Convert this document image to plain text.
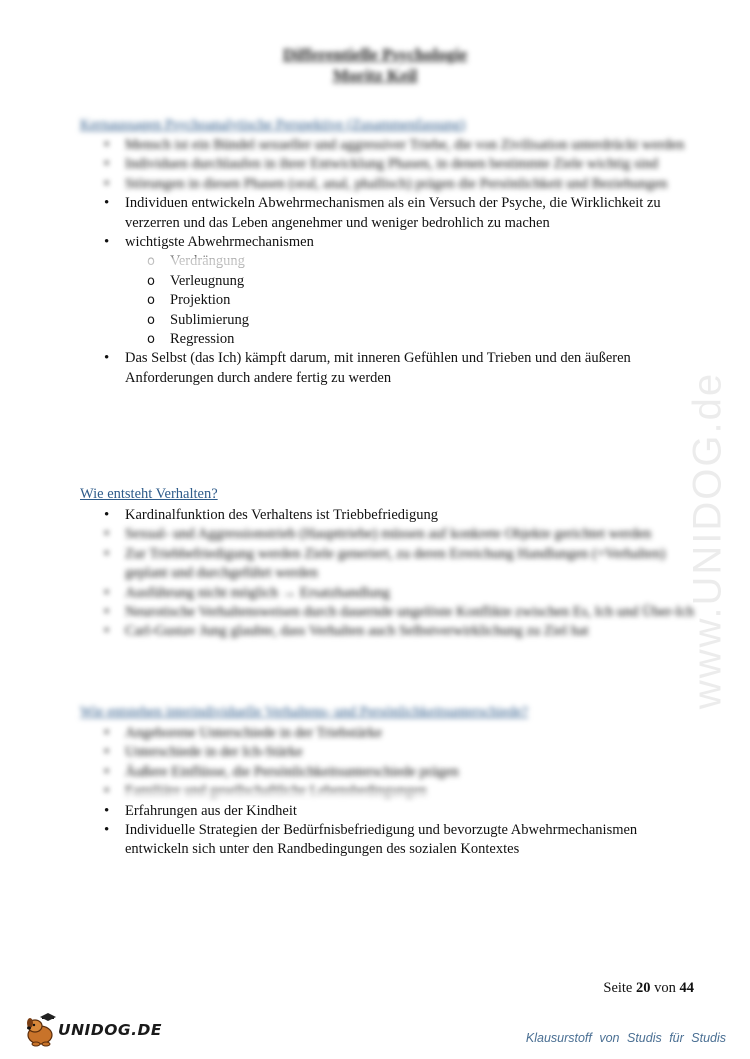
www.UNIDOG.de
Differentielle Psychologie
Moritz Keil
Kernaussagen Psychoanalytische Perspektive (Zusammenfassung)
• Mensch ist ein Bündel sexueller und aggressiver Triebe, die von Zivilisation unterdrückt werden
• Individuen durchlaufen in ihrer Entwicklung Phasen, in denen bestimmte Ziele wichtig sind
• Störungen in diesen Phasen (oral, anal, phallisch) prägen die Persönlichkeit und Beziehungen
• Individuen entwickeln Abwehrmechanismen als ein Versuch der Psyche, die Wirklichkeit zu verzerren und das Leben angenehmer und weniger bedrohlich zu machen
• wichtigste Abwehrmechanismen
o
o Verleugnung
o Projektion
o Sublimierung
o Regression
• Das Selbst (das Ich) kämpft darum, mit inneren Gefühlen und Trieben und den äußeren Anforderungen durch andere fertig zu werden
Wie entsteht Verhalten?
• Kardinalfunktion des Verhaltens ist Triebbefriedigung
• Sexual- und Aggressionstrieb (Haupttriebe) müssen auf konkrete Objekte gerichtet werden
• Zur Triebbefriedigung werden Ziele generiert, zu deren Erreichung Handlungen (=Verhalten) geplant und durchgeführt werden
• Ausführung nicht möglich → Ersatzhandlung
• Neurotische Verhaltensweisen durch dauernde ungelöste Konflikte zwischen Es, Ich und Über-Ich
• Carl-Gustav Jung glaubte, dass Verhalten auch Selbstverwirklichung zu Ziel hat
Wie entstehen interindividuelle Verhaltens- und Persönlichkeitsunterschiede?
• Angeborene Unterschiede in der Triebstärke
• Unterschiede in der Ich-Stärke
• Äußere Einflüsse, die Persönlichkeitsunterschiede prägen
•
• Erfahrungen aus der Kindheit
• Individuelle Strategien der Bedürfnisbefriedigung und bevorzugte Abwehrmechanismen entwickeln sich unter den Randbedingungen des sozialen Kontextes
Seite 20 von 44
UNIDOG.DE	Klausurstoff von Studis für Studis
